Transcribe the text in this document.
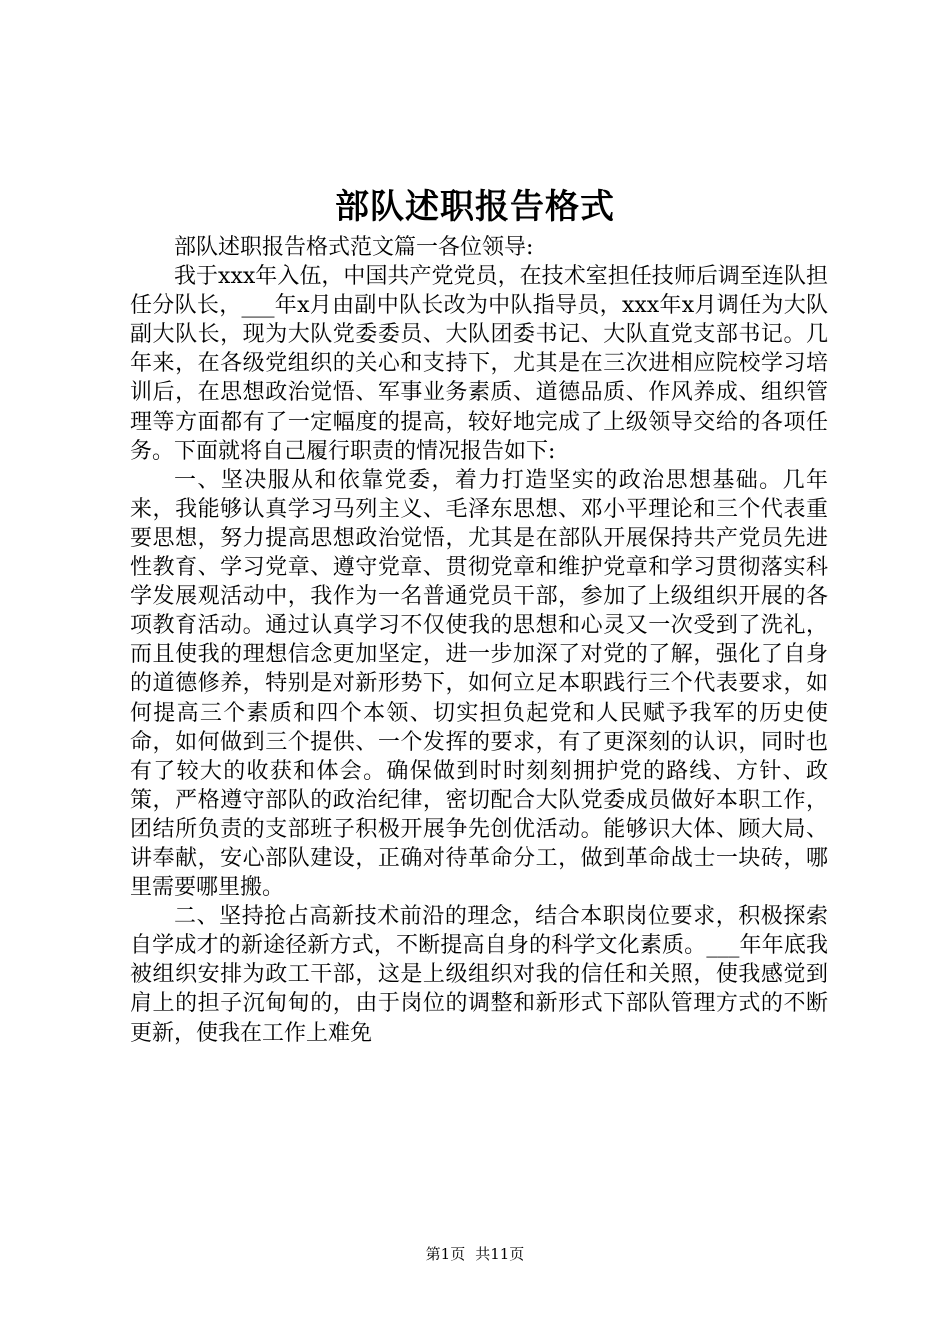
部队述职报告格式

部队述职报告格式范文篇一各位领导:

我于xxx年入伍，中国共产党党员，在技术室担任技师后调至连队担任分队长，___年x月由副中队长改为中队指导员，xxx年x月调任为大队副大队长，现为大队党委委员、大队团委书记、大队直党支部书记。几年来，在各级党组织的关心和支持下，尤其是在三次进相应院校学习培训后，在思想政治觉悟、军事业务素质、道德品质、作风养成、组织管理等方面都有了一定幅度的提高，较好地完成了上级领导交给的各项任务。下面就将自己履行职责的情况报告如下:

一、坚决服从和依靠党委，着力打造坚实的政治思想基础。几年来，我能够认真学习马列主义、毛泽东思想、邓小平理论和三个代表重要思想，努力提高思想政治觉悟，尤其是在部队开展保持共产党员先进性教育、学习党章、遵守党章、贯彻党章和维护党章和学习贯彻落实科学发展观活动中，我作为一名普通党员干部，参加了上级组织开展的各项教育活动。通过认真学习不仅使我的思想和心灵又一次受到了洗礼，而且使我的理想信念更加坚定，进一步加深了对党的了解，强化了自身的道德修养，特别是对新形势下，如何立足本职践行三个代表要求，如何提高三个素质和四个本领、切实担负起党和人民赋予我军的历史使命，如何做到三个提供、一个发挥的要求，有了更深刻的认识，同时也有了较大的收获和体会。确保做到时时刻刻拥护党的路线、方针、政策，严格遵守部队的政治纪律，密切配合大队党委成员做好本职工作，团结所负责的支部班子积极开展争先创优活动。能够识大体、顾大局、讲奉献，安心部队建设，正确对待革命分工，做到革命战士一块砖，哪里需要哪里搬。

二、坚持抢占高新技术前沿的理念，结合本职岗位要求，积极探索自学成才的新途径新方式，不断提高自身的科学文化素质。___年年底我被组织安排为政工干部，这是上级组织对我的信任和关照，使我感觉到肩上的担子沉甸甸的，由于岗位的调整和新形式下部队管理方式的不断更新，使我在工作上难免

第1页 共11页
